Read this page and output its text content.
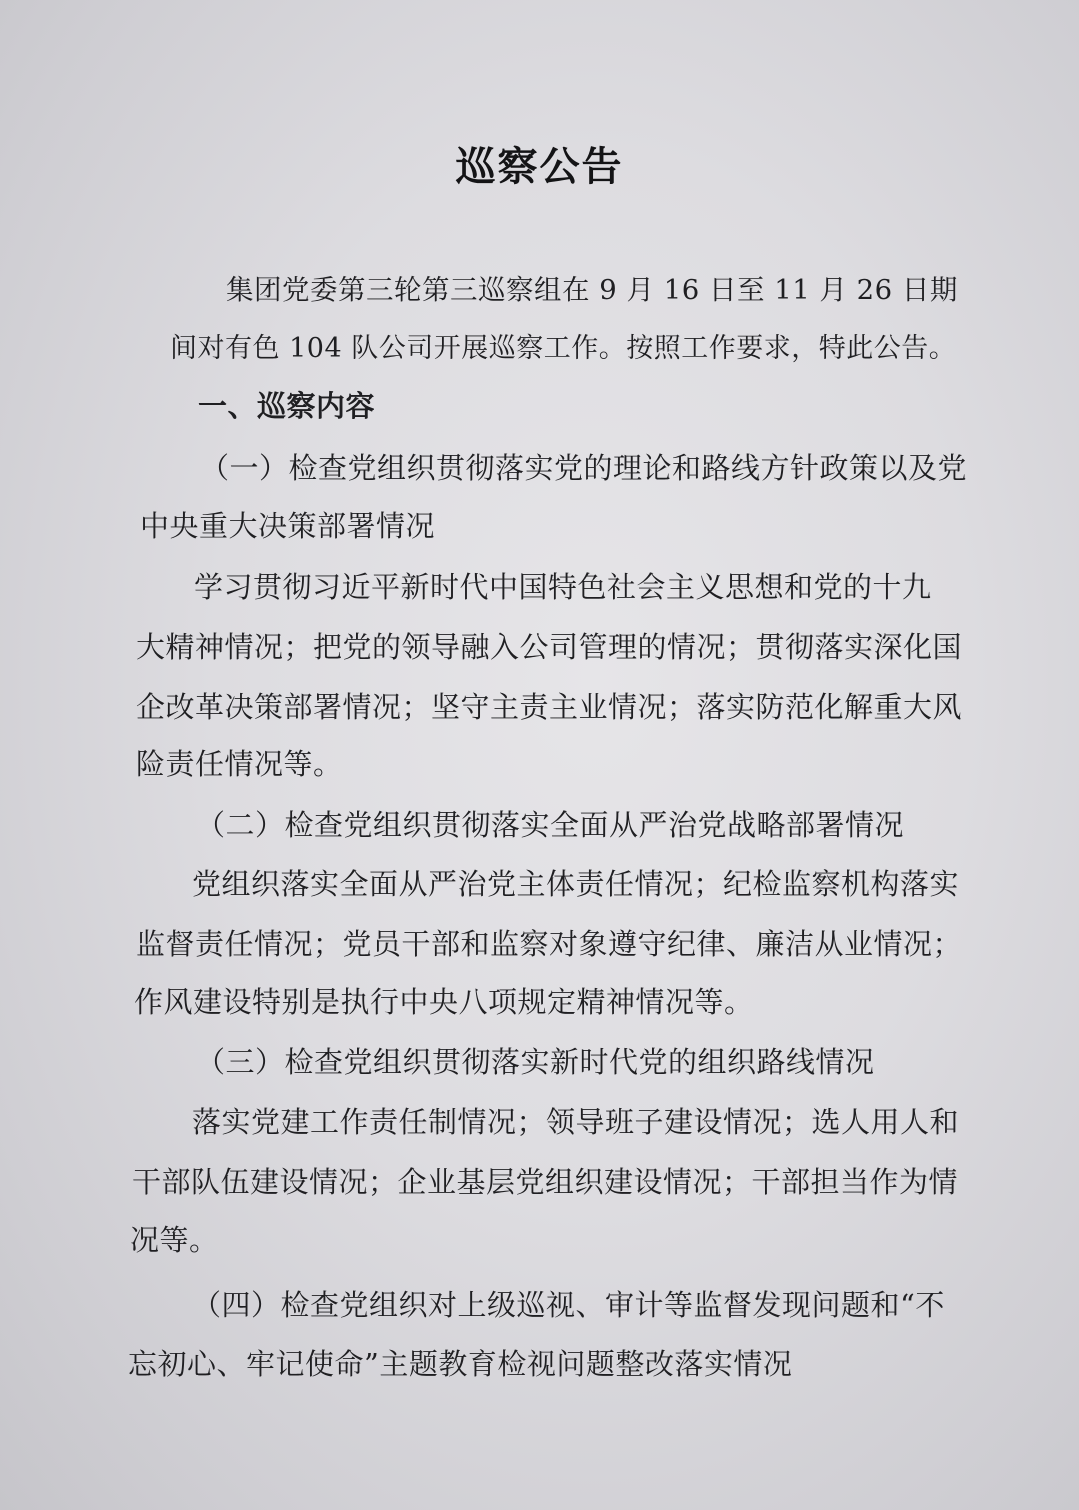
巡察公告
集团党委第三轮第三巡察组在 9 月 16 日至 11 月 26 日期
间对有色 104 队公司开展巡察工作。按照工作要求，特此公告。
一、巡察内容
（一）检查党组织贯彻落实党的理论和路线方针政策以及党
中央重大决策部署情况
学习贯彻习近平新时代中国特色社会主义思想和党的十九
大精神情况；把党的领导融入公司管理的情况；贯彻落实深化国
企改革决策部署情况；坚守主责主业情况；落实防范化解重大风
险责任情况等。
（二）检查党组织贯彻落实全面从严治党战略部署情况
党组织落实全面从严治党主体责任情况；纪检监察机构落实
监督责任情况；党员干部和监察对象遵守纪律、廉洁从业情况；
作风建设特别是执行中央八项规定精神情况等。
（三）检查党组织贯彻落实新时代党的组织路线情况
落实党建工作责任制情况；领导班子建设情况；选人用人和
干部队伍建设情况；企业基层党组织建设情况；干部担当作为情
况等。
（四）检查党组织对上级巡视、审计等监督发现问题和“不
忘初心、牢记使命”主题教育检视问题整改落实情况
